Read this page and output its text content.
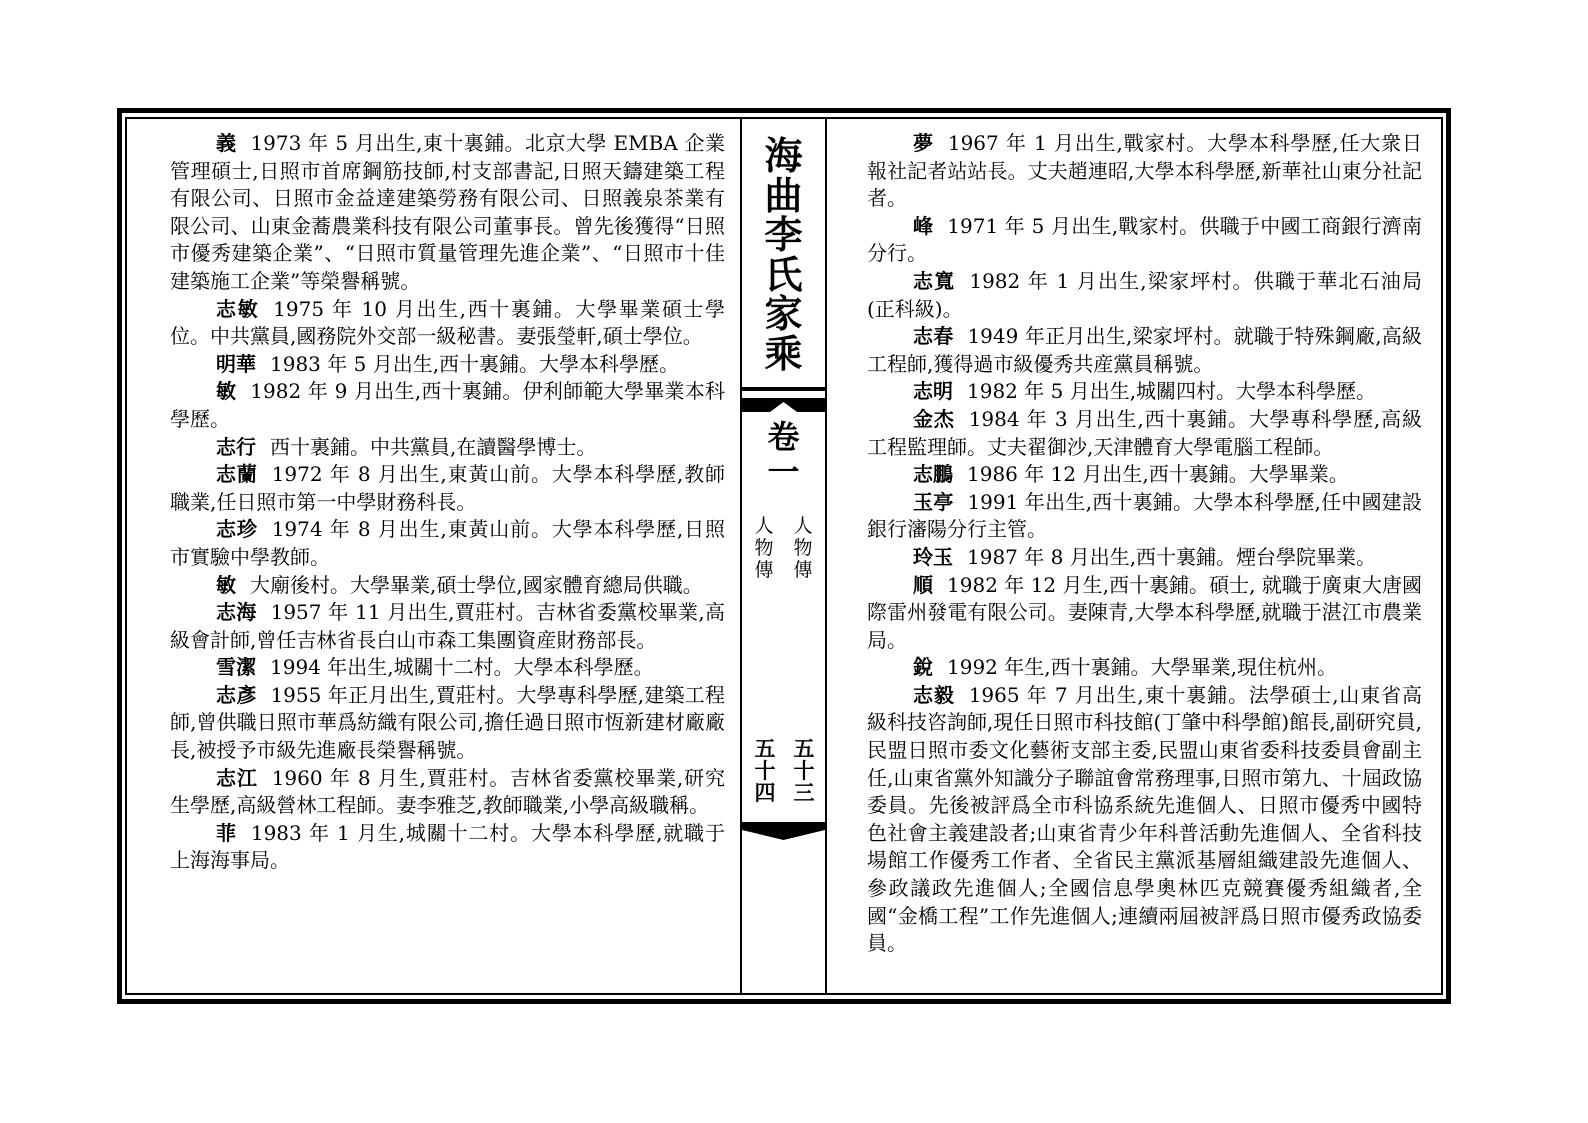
義 1973 年 5 月出生,東十裏鋪。北京大學 EMBA 企業管理碩士,日照市首席鋼筋技師,村支部書記,日照天鑄建築工程有限公司、日照市金益達建築勞務有限公司、日照義泉茶業有限公司、山東金蕎農業科技有限公司董事長。曾先後獲得“日照市優秀建築企業”、“日照市質量管理先進企業”、“日照市十佳建築施工企業”等榮譽稱號。

志敏 1975 年 10 月出生,西十裏鋪。大學畢業碩士學位。中共黨員,國務院外交部一級秘書。妻張瑩軒,碩士學位。

明華 1983 年 5 月出生,西十裏鋪。大學本科學歷。

敏 1982 年 9 月出生,西十裏鋪。伊利師範大學畢業本科學歷。

志行 西十裏鋪。中共黨員,在讀醫學博士。

志蘭 1972 年 8 月出生,東黃山前。大學本科學歷,教師職業,任日照市第一中學財務科長。

志珍 1974 年 8 月出生,東黃山前。大學本科學歷,日照市實驗中學教師。

敏 大廟後村。大學畢業,碩士學位,國家體育總局供職。

志海 1957 年 11 月出生,賈莊村。吉林省委黨校畢業,高級會計師,曾任吉林省長白山市森工集團資産財務部長。

雪潔 1994 年出生,城關十二村。大學本科學歷。

志彥 1955 年正月出生,賈莊村。大學專科學歷,建築工程師,曾供職日照市華爲紡織有限公司,擔任過日照市恆新建材廠廠長,被授予市級先進廠長榮譽稱號。

志江 1960 年 8 月生,賈莊村。吉林省委黨校畢業,研究生學歷,高級營林工程師。妻李雅芝,教師職業,小學高級職稱。

菲 1983 年 1 月生,城關十二村。大學本科學歷,就職于上海海事局。

夢 1967 年 1 月出生,戰家村。大學本科學歷,任大衆日報社記者站站長。丈夫趙連昭,大學本科學歷,新華社山東分社記者。

峰 1971 年 5 月出生,戰家村。供職于中國工商銀行濟南分行。

志寬 1982 年 1 月出生,梁家坪村。供職于華北石油局(正科級)。

志春 1949 年正月出生,梁家坪村。就職于特殊鋼廠,高級工程師,獲得過市級優秀共産黨員稱號。

志明 1982 年 5 月出生,城關四村。大學本科學歷。

金杰 1984 年 3 月出生,西十裏鋪。大學專科學歷,高級工程監理師。丈夫翟御沙,天津體育大學電腦工程師。

志鵬 1986 年 12 月出生,西十裏鋪。大學畢業。

玉亭 1991 年出生,西十裏鋪。大學本科學歷,任中國建設銀行瀋陽分行主管。

玲玉 1987 年 8 月出生,西十裏鋪。煙台學院畢業。

順 1982 年 12 月生,西十裏鋪。碩士, 就職于廣東大唐國際雷州發電有限公司。妻陳青,大學本科學歷,就職于湛江市農業局。

銳 1992 年生,西十裏鋪。大學畢業,現住杭州。

志毅 1965 年 7 月出生,東十裏鋪。法學碩士,山東省高級科技咨詢師,現任日照市科技館(丁肇中科學館)館長,副研究員,民盟日照市委文化藝術支部主委,民盟山東省委科技委員會副主任,山東省黨外知識分子聯誼會常務理事,日照市第九、十屆政協委員。先後被評爲全市科協系統先進個人、日照市優秀中國特色社會主義建設者;山東省青少年科普活動先進個人、全省科技場館工作優秀工作者、全省民主黨派基層組織建設先進個人、參政議政先進個人;全國信息學奧林匹克競賽優秀組織者,全國“金橋工程”工作先進個人;連續兩屆被評爲日照市優秀政協委員。

海
曲
李
氏
家
乘
卷
一
人
物
傳
人
物
傳
五
十
三
五
十
四
